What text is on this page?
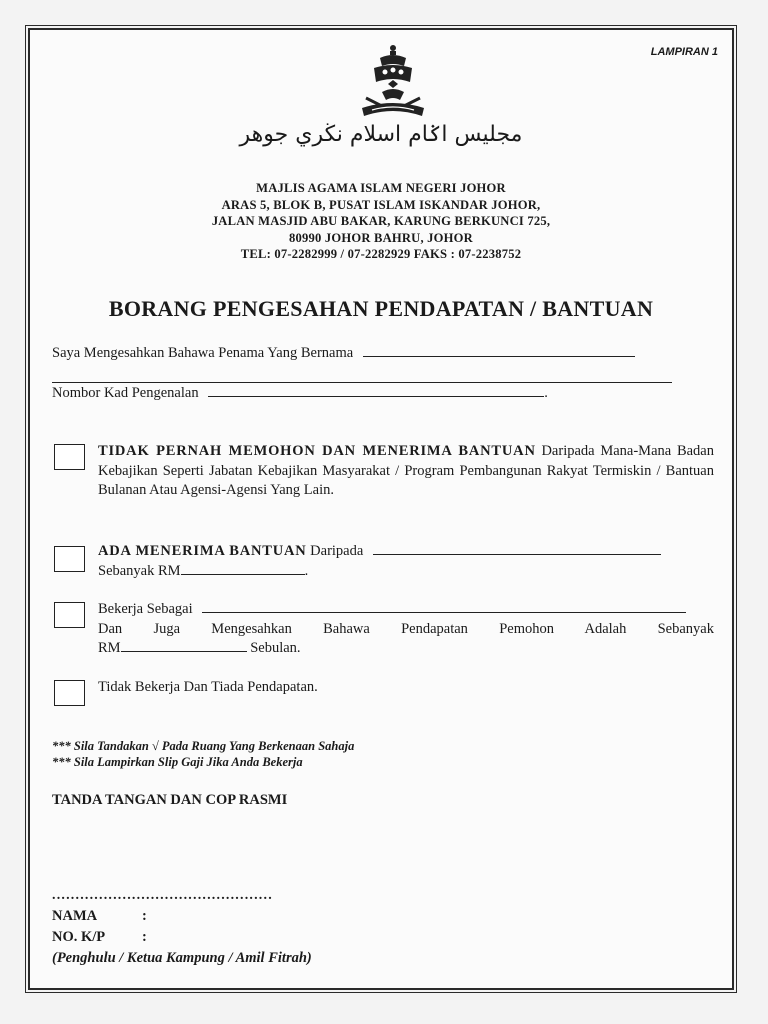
LAMPIRAN 1
مجليس اݢام اسلام نڬري جوهر
MAJLIS AGAMA ISLAM NEGERI JOHOR
ARAS 5, BLOK B, PUSAT ISLAM ISKANDAR JOHOR,
JALAN MASJID ABU BAKAR, KARUNG BERKUNCI 725,
80990 JOHOR BAHRU, JOHOR
TEL: 07-2282999 / 07-2282929 FAKS : 07-2238752
BORANG PENGESAHAN PENDAPATAN / BANTUAN
Saya Mengesahkan Bahawa Penama Yang Bernama
Nombor Kad Pengenalan	.
TIDAK PERNAH MEMOHON DAN MENERIMA BANTUAN Daripada Mana-Mana Badan Kebajikan Seperti Jabatan Kebajikan Masyarakat / Program Pembangunan Rakyat Termiskin / Bantuan Bulanan Atau Agensi-Agensi Yang Lain.
ADA MENERIMA BANTUAN Daripada
Sebanyak RM	.
Bekerja Sebagai
Dan Juga Mengesahkan Bahawa Pendapatan Pemohon Adalah Sebanyak
RM	Sebulan.
Tidak Bekerja Dan Tiada Pendapatan.
*** Sila Tandakan √ Pada Ruang Yang Berkenaan Sahaja
*** Sila Lampirkan Slip Gaji Jika Anda Bekerja
TANDA TANGAN DAN COP RASMI
...............................................
NAMA	:
NO. K/P	:
(Penghulu / Ketua Kampung / Amil Fitrah)
